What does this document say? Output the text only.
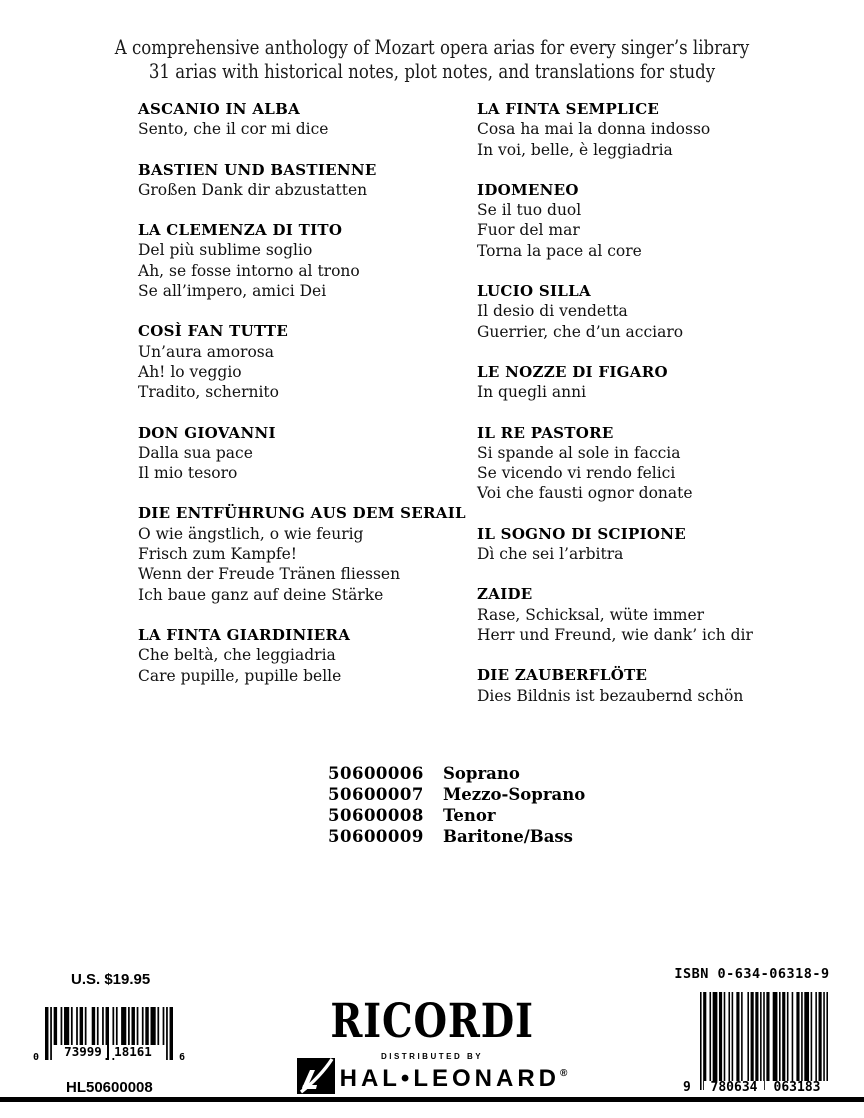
A comprehensive anthology of Mozart opera arias for every singer’s library
31 arias with historical notes, plot notes, and translations for study
ASCANIO IN ALBA
Sento, che il cor mi dice
BASTIEN UND BASTIENNE
Großen Dank dir abzustatten
LA CLEMENZA DI TITO
Del più sublime soglio
Ah, se fosse intorno al trono
Se all’impero, amici Dei
COSÌ FAN TUTTE
Un’aura amorosa
Ah! lo veggio
Tradito, schernito
DON GIOVANNI
Dalla sua pace
Il mio tesoro
DIE ENTFÜHRUNG AUS DEM SERAIL
O wie ängstlich, o wie feurig
Frisch zum Kampfe!
Wenn der Freude Tränen fliessen
Ich baue ganz auf deine Stärke
LA FINTA GIARDINIERA
Che beltà, che leggiadria
Care pupille, pupille belle
LA FINTA SEMPLICE
Cosa ha mai la donna indosso
In voi, belle, è leggiadria
IDOMENEO
Se il tuo duol
Fuor del mar
Torna la pace al core
LUCIO SILLA
Il desio di vendetta
Guerrier, che d’un acciaro
LE NOZZE DI FIGARO
In quegli anni
IL RE PASTORE
Si spande al sole in faccia
Se vicendo vi rendo felici
Voi che fausti ognor donate
IL SOGNO DI SCIPIONE
Dì che sei l’arbitra
ZAIDE
Rase, Schicksal, wüte immer
Herr und Freund, wie dank’ ich dir
DIE ZAUBERFLÖTE
Dies Bildnis ist bezaubernd schön
50600006	Soprano
50600007	Mezzo-Soprano
50600008	Tenor
50600009	Baritone/Bass
U.S. $19.95
0	73999 18161	6
HL50600008
RICORDI
DISTRIBUTED BY
HAL•LEONARD®
ISBN 0-634-06318-9
9	780634	063183
